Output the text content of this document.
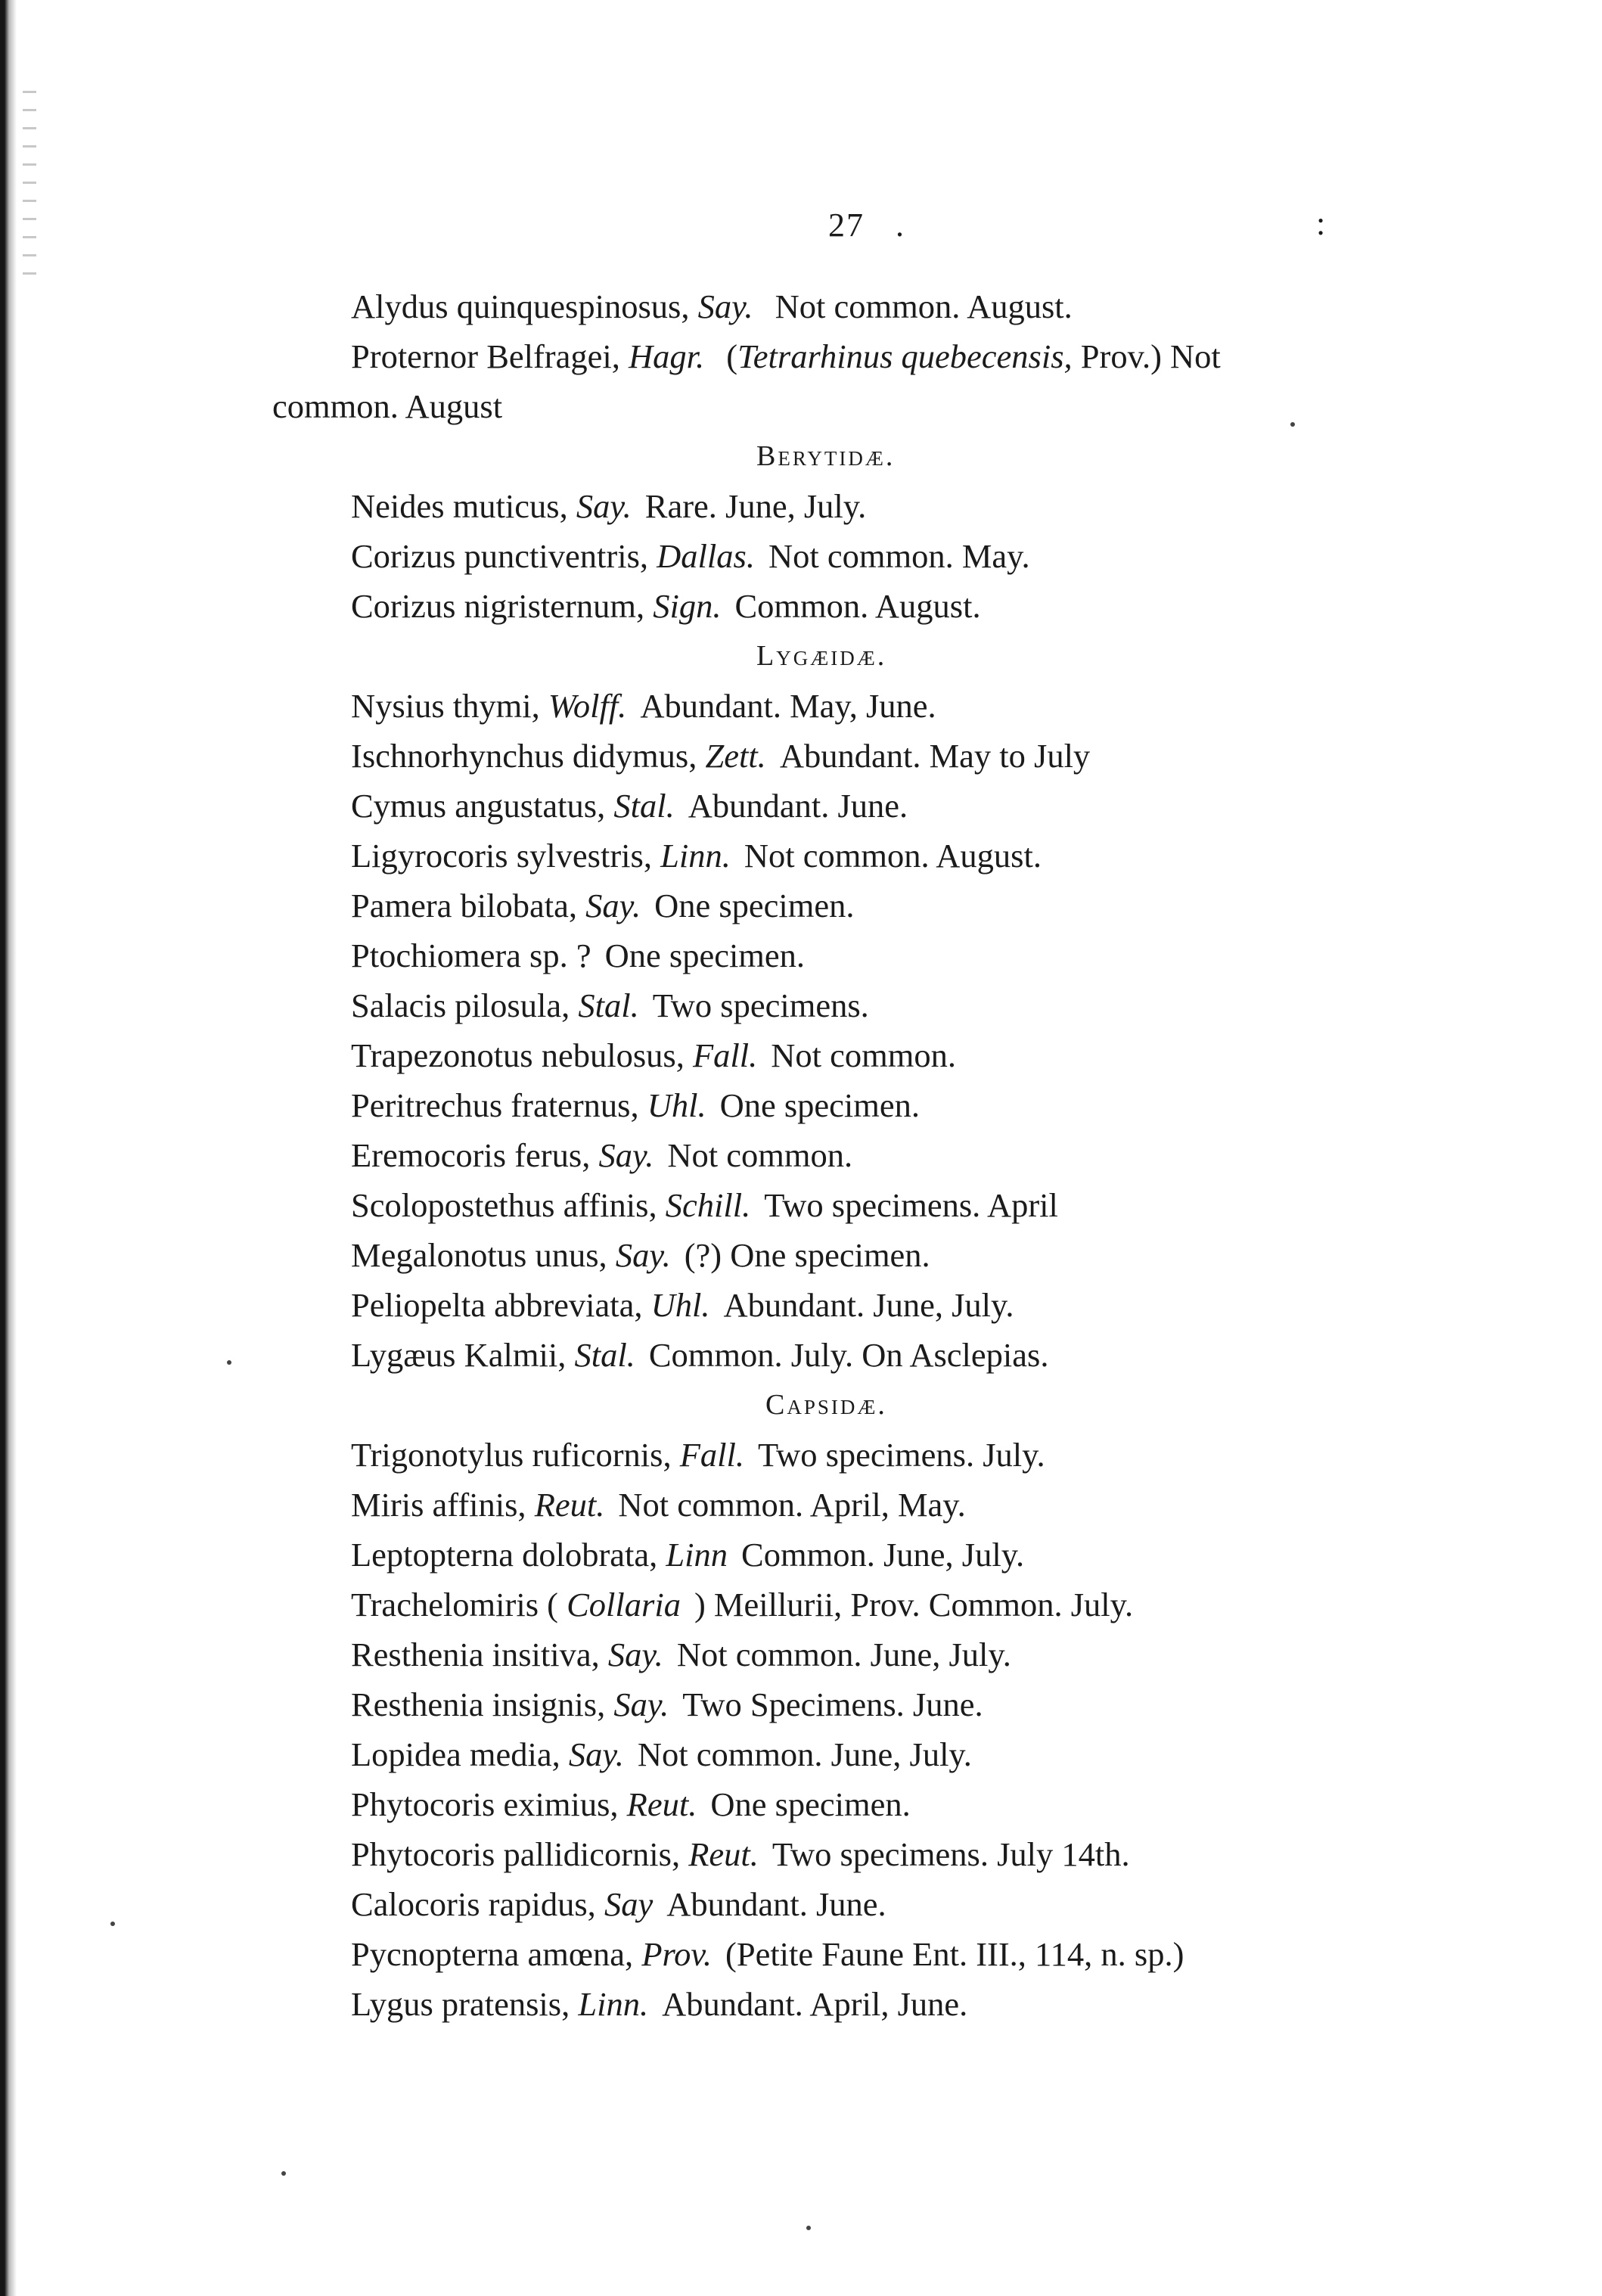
27 .	:
Alydus quinquespinosus, Say. Not common. August.
Proternor Belfragei, Hagr. (Tetrarhinus quebecensis, Prov.) Not
common. August
Berytidæ.
Neides muticus, Say. Rare. June, July.
Corizus punctiventris, Dallas. Not common. May.
Corizus nigristernum, Sign. Common. August.
Lygæidæ.
Nysius thymi, Wolff. Abundant. May, June.
Ischnorhynchus didymus, Zett. Abundant. May to July
Cymus angustatus, Stal. Abundant. June.
Ligyrocoris sylvestris, Linn. Not common. August.
Pamera bilobata, Say. One specimen.
Ptochiomera sp. ? One specimen.
Salacis pilosula, Stal. Two specimens.
Trapezonotus nebulosus, Fall. Not common.
Peritrechus fraternus, Uhl. One specimen.
Eremocoris ferus, Say. Not common.
Scolopostethus affinis, Schill. Two specimens. April
Megalonotus unus, Say. (?) One specimen.
Peliopelta abbreviata, Uhl. Abundant. June, July.
Lygæus Kalmii, Stal. Common. July. On Asclepias.
Capsidæ.
Trigonotylus ruficornis, Fall. Two specimens. July.
Miris affinis, Reut. Not common. April, May.
Leptopterna dolobrata, Linn Common. June, July.
Trachelomiris ( Collaria ) Meillurii, Prov. Common. July.
Resthenia insitiva, Say. Not common. June, July.
Resthenia insignis, Say. Two Specimens. June.
Lopidea media, Say. Not common. June, July.
Phytocoris eximius, Reut. One specimen.
Phytocoris pallidicornis, Reut. Two specimens. July 14th.
Calocoris rapidus, Say Abundant. June.
Pycnopterna amœna, Prov. (Petite Faune Ent. III., 114, n. sp.)
Lygus pratensis, Linn. Abundant. April, June.
